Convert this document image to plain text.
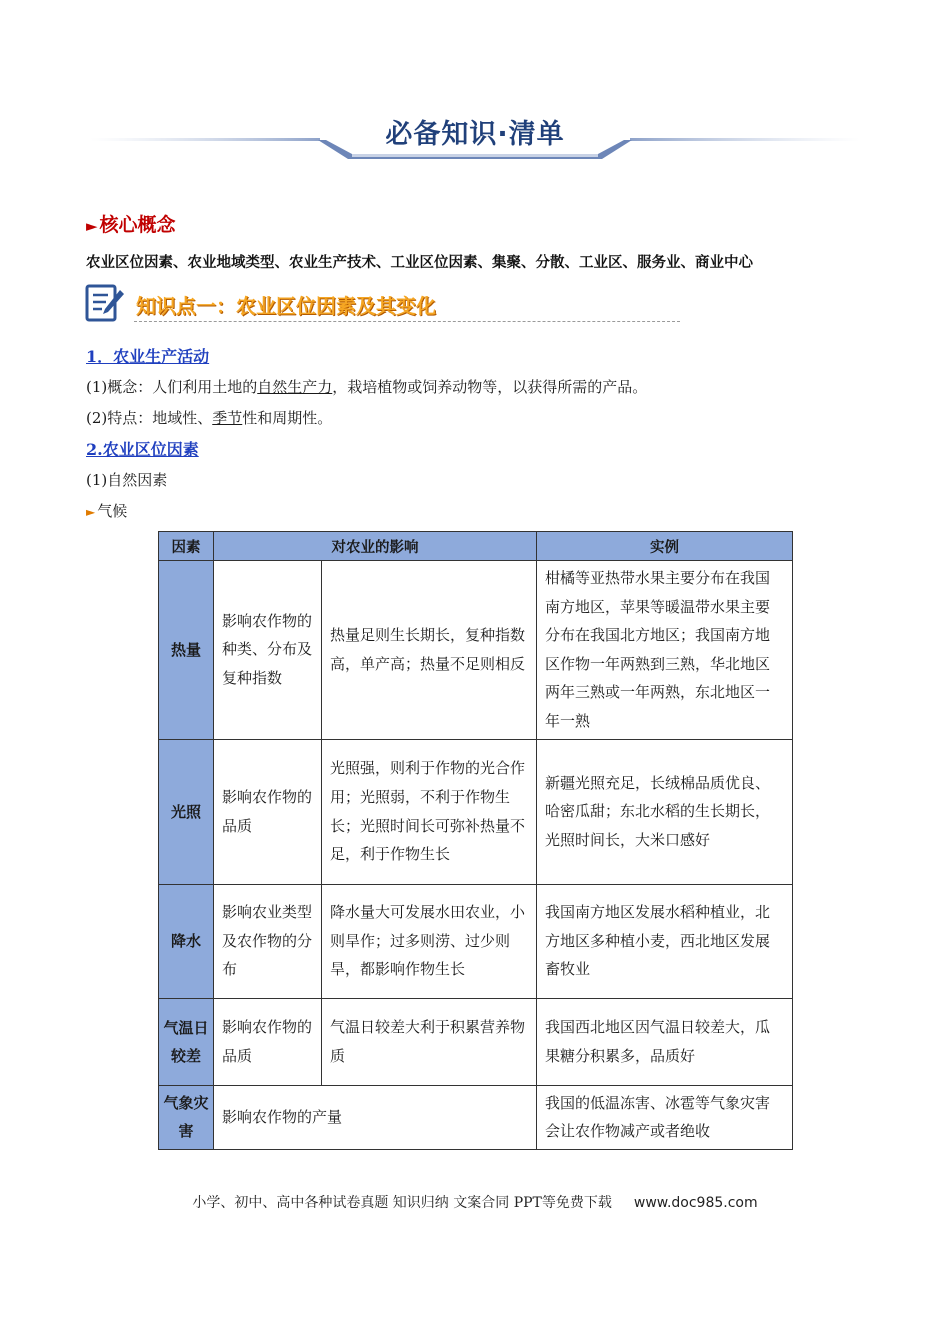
必备知识·清单
► 核心概念
农业区位因素、农业地域类型、农业生产技术、工业区位因素、集聚、分散、工业区、服务业、商业中心
知识点一：农业区位因素及其变化
1．农业生产活动
(1)概念：人们利用土地的自然生产力，栽培植物或饲养动物等，以获得所需的产品。
(2)特点：地域性、季节性和周期性。
2.农业区位因素
(1)自然因素
► 气候
因素	对农业的影响		实例
热量	影响农作物的种类、分布及复种指数	热量足则生长期长，复种指数高，单产高；热量不足则相反	柑橘等亚热带水果主要分布在我国南方地区，苹果等暖温带水果主要分布在我国北方地区；我国南方地区作物一年两熟到三熟，华北地区两年三熟或一年两熟，东北地区一年一熟
光照	影响农作物的品质	光照强，则利于作物的光合作用；光照弱，不利于作物生长；光照时间长可弥补热量不足，利于作物生长	新疆光照充足，长绒棉品质优良、哈密瓜甜；东北水稻的生长期长，光照时间长，大米口感好
降水	影响农业类型及农作物的分布	降水量大可发展水田农业，小则旱作；过多则涝、过少则旱，都影响作物生长	我国南方地区发展水稻种植业，北方地区多种植小麦，西北地区发展畜牧业
气温日较差	影响农作物的品质	气温日较差大利于积累营养物质	我国西北地区因气温日较差大，瓜果糖分积累多，品质好
气象灾害	影响农作物的产量		我国的低温冻害、冰雹等气象灾害会让农作物减产或者绝收
小学、初中、高中各种试卷真题 知识归纳 文案合同 PPT等免费下载 www.doc985.com
